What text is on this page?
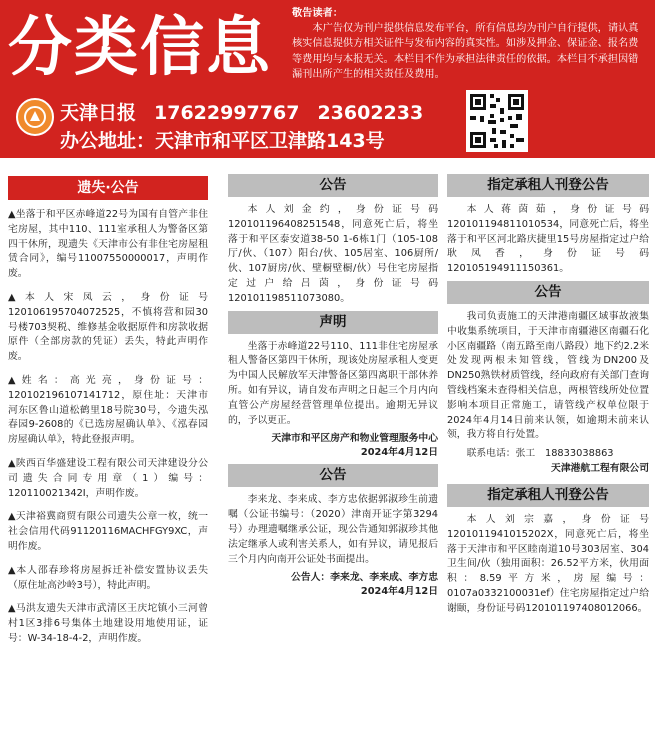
分类信息	敬告读者：
本广告仅为刊户提供信息发布平台，所有信息均为刊户自行提供，请认真核实信息提供方相关证件与发布内容的真实性。如涉及押金、保证金、报名费等费用均与本报无关。本栏目不作为承担法律责任的依据。本栏目不承担因错漏刊出所产生的相关责任及费用。
天津日报 17622997767 23602233
办公地址：天津市和平区卫津路143号
遗失·公告
▲坐落于和平区赤峰道22号为国有自管产非住宅房屋，其中110、111室承租人为警备区第四干休所，现遗失《天津市公有非住宅房屋租赁合同》，编号11007550000017，声明作废。
▲本人宋凤云，身份证号120106195704072525，不慎将营和园30号楼703契税、维修基金收据原件和房款收据原件（全部房款的凭证）丢失，特此声明作废。
▲姓名：高光亮，身份证号：120102196107141712，原住址：天津市河东区鲁山道松鹤里18号院30号，今遗失泓春园9-2608的《已选房屋确认单》、《泓春园房屋确认单》，特此登报声明。
▲陕西百华盛建设工程有限公司天津建设分公司遗失合同专用章（1）编号：120110021342I，声明作废。
▲天津裕冀商贸有限公司遗失公章一枚，统一社会信用代码91120116MACHFGY9XC，声明作废。
▲本人邵春珍将房屋拆迁补偿安置协议丢失（原住址高沙岭3号），特此声明。
▲马洪友遗失天津市武清区王庆坨镇小三河曾村1区3排6号集体土地建设用地使用证，证号：W-34-18-4-2，声明作废。
公告
本人刘金约，身份证号码120101196408251548，同意死亡后，将坐落于和平区泰安道38-50 1-6栋1门（105-108厅/伙、（107）阳台/伙、105居室、106厨所/伙、107厨房/伙、壁橱壁橱/伙）号住宅房屋指定过户给吕茵，身份证号码120101198511073080。
声明
坐落于赤峰道22号110、111非住宅房屋承租人警备区第四干休所，现该处房屋承租人变更为中国人民解放军天津警备区第四离职干部休养所。如有异议，请自发布声明之日起三个月内向直管公产房屋经营管理单位提出。逾期无异议的，予以更正。
天津市和平区房产和物业管理服务中心
2024年4月12日
公告
李来龙、李来成、李方忠依据郭淑珍生前遗嘱（公证书编号：（2020）津南开证字第3294号）办理遗嘱继承公证，现公告通知郭淑珍其他法定继承人或利害关系人，如有异议，请见报后三个月内向南开公证处书面提出。
公告人：李来龙、李来成、李方忠
2024年4月12日
指定承租人刊登公告
本人蒋茵茹，身份证号码120101194811010534，同意死亡后，将坐落于和平区河北路庆捷里15号房屋指定过户给耿凤香，身份证号码120105194911150361。
公告
我司负责施工的天津港南疆区域事故液集中收集系统项目，于天津市南疆港区南疆石化小区南疆路（南五路至南八路段）地下约2.2米处发现两根未知管线，管线为DN200及DN250熟铁材质管线，经向政府有关部门查询管线档案未查得相关信息，两根管线所处位置影响本项目正常施工，请管线产权单位限于2024年4月14日前来认领，如逾期未前来认领，我方将自行处置。
联系电话：张工　18833038863
天津港航工程有限公司
指定承租人刊登公告
本人刘宗嘉，身份证号120101194101520​2X，同意死亡后，将坐落于天津市和平区睦南道10号303居室、304卫生间/伙（独用面积：26.52平方米，伙用面积：8.59平方米，房屋编号：0107a0332100031ef）住宅房屋指定过户给谢颐，身份证号码120101197408012066。
